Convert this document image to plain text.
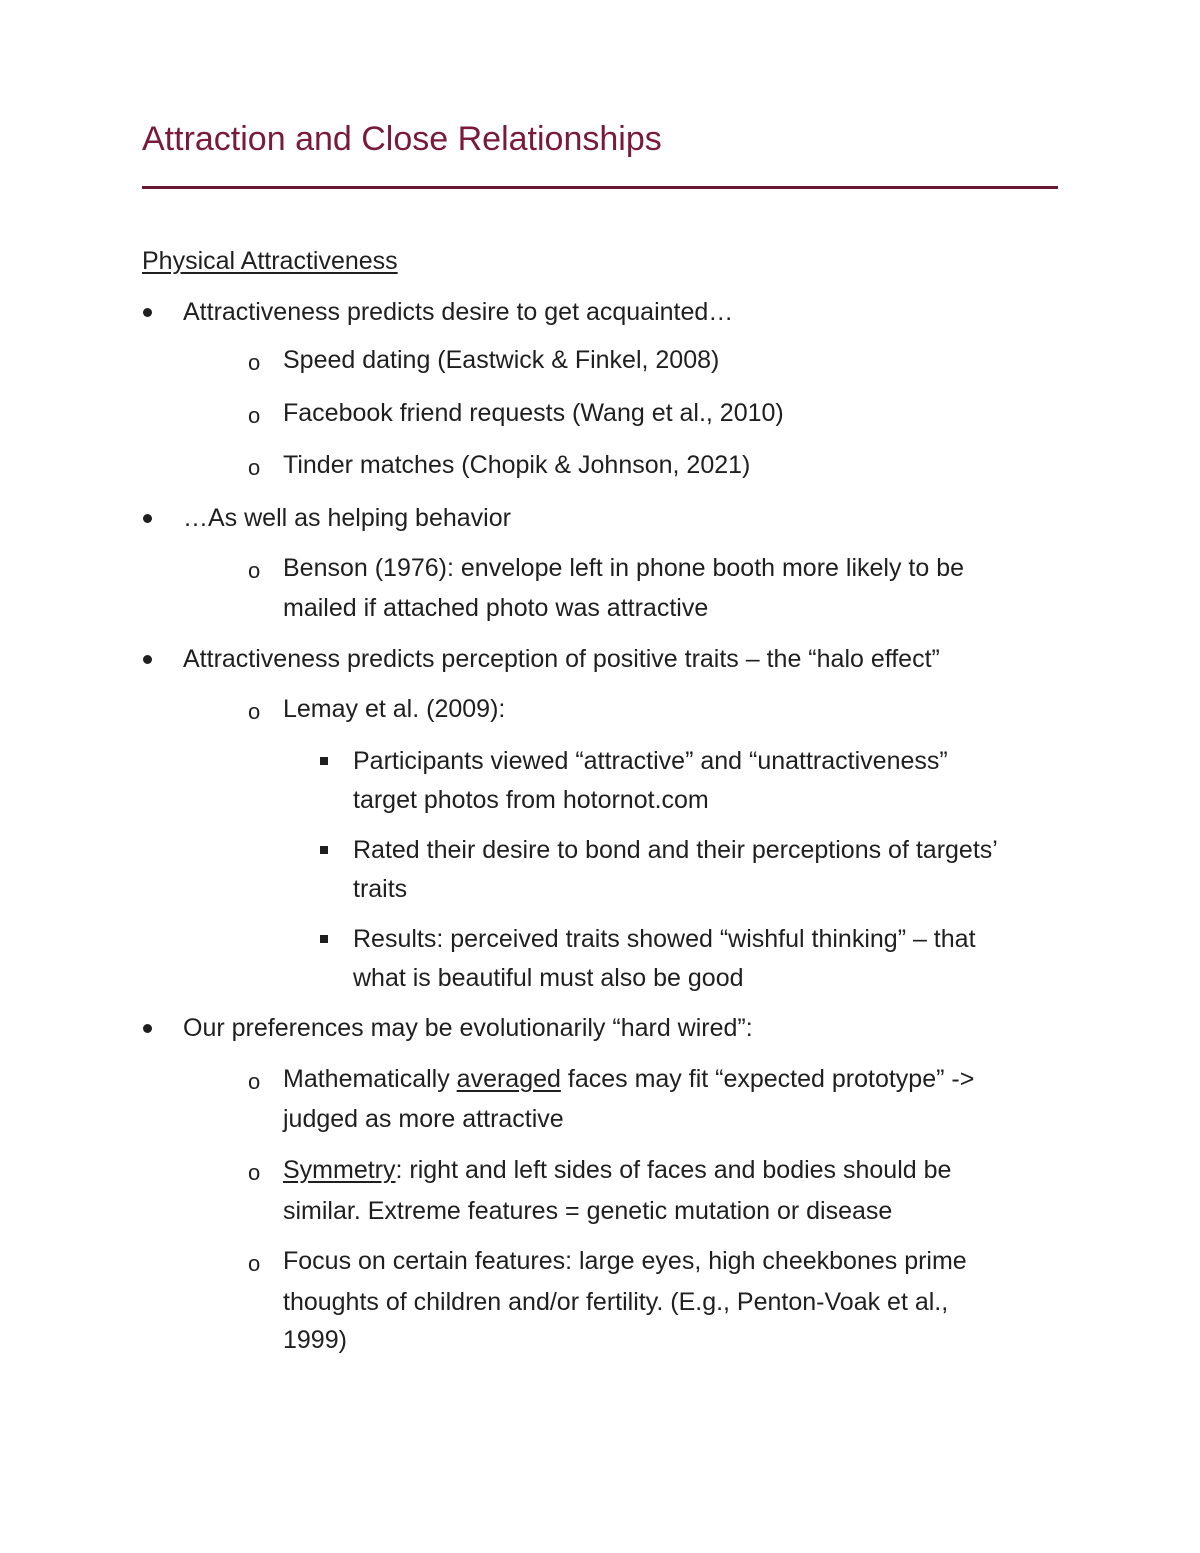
Attraction and Close Relationships
Physical Attractiveness
Attractiveness predicts desire to get acquainted…
o Speed dating (Eastwick & Finkel, 2008)
o Facebook friend requests (Wang et al., 2010)
o Tinder matches (Chopik & Johnson, 2021)
…As well as helping behavior
o Benson (1976): envelope left in phone booth more likely to be
mailed if attached photo was attractive
Attractiveness predicts perception of positive traits – the “halo effect”
o Lemay et al. (2009):
Participants viewed “attractive” and “unattractiveness”
target photos from hotornot.com
Rated their desire to bond and their perceptions of targets’
traits
Results: perceived traits showed “wishful thinking” – that
what is beautiful must also be good
Our preferences may be evolutionarily “hard wired”:
o Mathematically averaged faces may fit “expected prototype” ->
judged as more attractive
o Symmetry: right and left sides of faces and bodies should be
similar. Extreme features = genetic mutation or disease
o Focus on certain features: large eyes, high cheekbones prime
thoughts of children and/or fertility. (E.g., Penton-Voak et al.,
1999)
